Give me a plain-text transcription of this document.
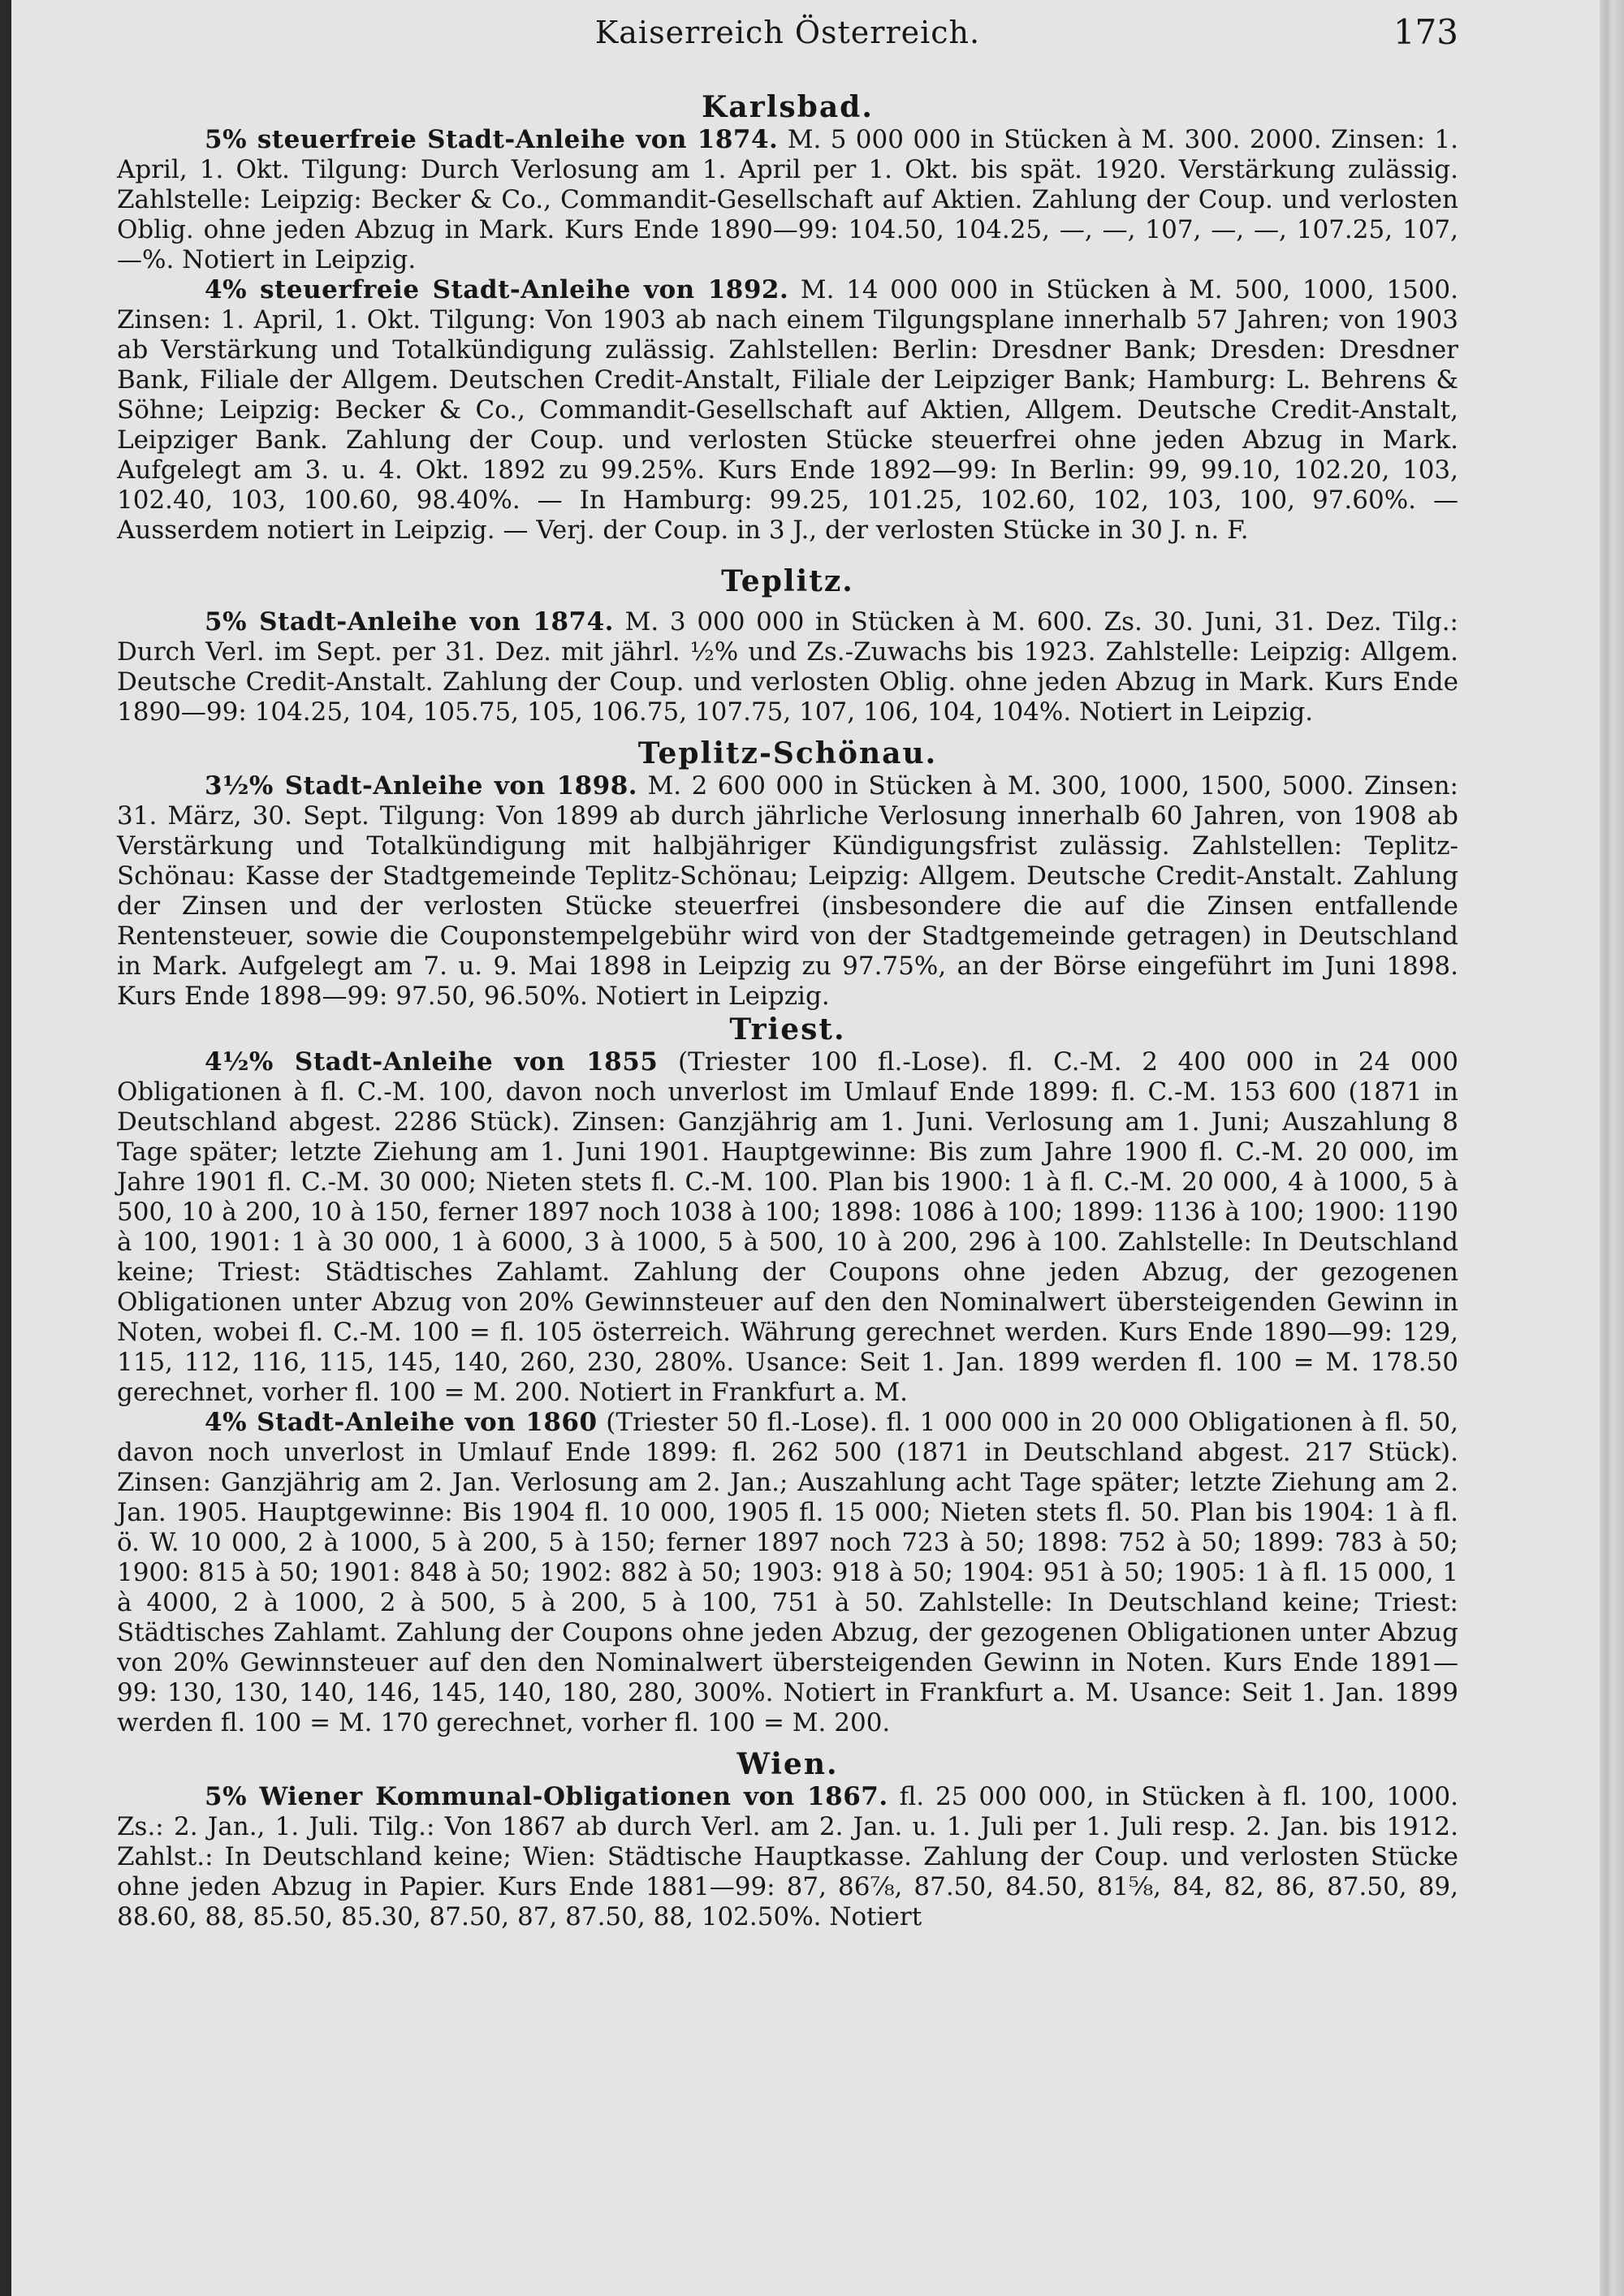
Kaiserreich Österreich.	173
Karlsbad.

5% steuerfreie Stadt-Anleihe von 1874. M. 5 000 000 in Stücken à M. 300. 2000. Zinsen: 1. April, 1. Okt. Tilgung: Durch Verlosung am 1. April per 1. Okt. bis spät. 1920. Verstärkung zulässig. Zahlstelle: Leipzig: Becker & Co., Commandit-Gesellschaft auf Aktien. Zahlung der Coup. und verlosten Oblig. ohne jeden Abzug in Mark. Kurs Ende 1890—99: 104.50, 104.25, —, —, 107, —, —, 107.25, 107, —%. Notiert in Leipzig.

4% steuerfreie Stadt-Anleihe von 1892. M. 14 000 000 in Stücken à M. 500, 1000, 1500. Zinsen: 1. April, 1. Okt. Tilgung: Von 1903 ab nach einem Tilgungsplane innerhalb 57 Jahren; von 1903 ab Verstärkung und Totalkündigung zulässig. Zahlstellen: Berlin: Dresdner Bank; Dresden: Dresdner Bank, Filiale der Allgem. Deutschen Credit-Anstalt, Filiale der Leipziger Bank; Hamburg: L. Behrens & Söhne; Leipzig: Becker & Co., Commandit-Gesellschaft auf Aktien, Allgem. Deutsche Credit-Anstalt, Leipziger Bank. Zahlung der Coup. und verlosten Stücke steuerfrei ohne jeden Abzug in Mark. Aufgelegt am 3. u. 4. Okt. 1892 zu 99.25%. Kurs Ende 1892—99: In Berlin: 99, 99.10, 102.20, 103, 102.40, 103, 100.60, 98.40%. — In Hamburg: 99.25, 101.25, 102.60, 102, 103, 100, 97.60%. — Ausserdem notiert in Leipzig. — Verj. der Coup. in 3 J., der verlosten Stücke in 30 J. n. F.

Teplitz.

5% Stadt-Anleihe von 1874. M. 3 000 000 in Stücken à M. 600. Zs. 30. Juni, 31. Dez. Tilg.: Durch Verl. im Sept. per 31. Dez. mit jährl. ½% und Zs.-Zuwachs bis 1923. Zahlstelle: Leipzig: Allgem. Deutsche Credit-Anstalt. Zahlung der Coup. und verlosten Oblig. ohne jeden Abzug in Mark. Kurs Ende 1890—99: 104.25, 104, 105.75, 105, 106.75, 107.75, 107, 106, 104, 104%. Notiert in Leipzig.

Teplitz-Schönau.

3½% Stadt-Anleihe von 1898. M. 2 600 000 in Stücken à M. 300, 1000, 1500, 5000. Zinsen: 31. März, 30. Sept. Tilgung: Von 1899 ab durch jährliche Verlosung innerhalb 60 Jahren, von 1908 ab Verstärkung und Totalkündigung mit halbjähriger Kündigungsfrist zulässig. Zahlstellen: Teplitz-Schönau: Kasse der Stadtgemeinde Teplitz-Schönau; Leipzig: Allgem. Deutsche Credit-Anstalt. Zahlung der Zinsen und der verlosten Stücke steuerfrei (insbesondere die auf die Zinsen entfallende Rentensteuer, sowie die Couponstempelgebühr wird von der Stadtgemeinde getragen) in Deutschland in Mark. Aufgelegt am 7. u. 9. Mai 1898 in Leipzig zu 97.75%, an der Börse eingeführt im Juni 1898. Kurs Ende 1898—99: 97.50, 96.50%. Notiert in Leipzig.

Triest.

4½% Stadt-Anleihe von 1855 (Triester 100 fl.-Lose). fl. C.-M. 2 400 000 in 24 000 Obligationen à fl. C.-M. 100, davon noch unverlost im Umlauf Ende 1899: fl. C.-M. 153 600 (1871 in Deutschland abgest. 2286 Stück). Zinsen: Ganzjährig am 1. Juni. Verlosung am 1. Juni; Auszahlung 8 Tage später; letzte Ziehung am 1. Juni 1901. Hauptgewinne: Bis zum Jahre 1900 fl. C.-M. 20 000, im Jahre 1901 fl. C.-M. 30 000; Nieten stets fl. C.-M. 100. Plan bis 1900: 1 à fl. C.-M. 20 000, 4 à 1000, 5 à 500, 10 à 200, 10 à 150, ferner 1897 noch 1038 à 100; 1898: 1086 à 100; 1899: 1136 à 100; 1900: 1190 à 100, 1901: 1 à 30 000, 1 à 6000, 3 à 1000, 5 à 500, 10 à 200, 296 à 100. Zahlstelle: In Deutschland keine; Triest: Städtisches Zahlamt. Zahlung der Coupons ohne jeden Abzug, der gezogenen Obligationen unter Abzug von 20% Gewinnsteuer auf den den Nominalwert übersteigenden Gewinn in Noten, wobei fl. C.-M. 100 = fl. 105 österreich. Währung gerechnet werden. Kurs Ende 1890—99: 129, 115, 112, 116, 115, 145, 140, 260, 230, 280%. Usance: Seit 1. Jan. 1899 werden fl. 100 = M. 178.50 gerechnet, vorher fl. 100 = M. 200. Notiert in Frankfurt a. M.

4% Stadt-Anleihe von 1860 (Triester 50 fl.-Lose). fl. 1 000 000 in 20 000 Obligationen à fl. 50, davon noch unverlost in Umlauf Ende 1899: fl. 262 500 (1871 in Deutschland abgest. 217 Stück). Zinsen: Ganzjährig am 2. Jan. Verlosung am 2. Jan.; Auszahlung acht Tage später; letzte Ziehung am 2. Jan. 1905. Hauptgewinne: Bis 1904 fl. 10 000, 1905 fl. 15 000; Nieten stets fl. 50. Plan bis 1904: 1 à fl. ö. W. 10 000, 2 à 1000, 5 à 200, 5 à 150; ferner 1897 noch 723 à 50; 1898: 752 à 50; 1899: 783 à 50; 1900: 815 à 50; 1901: 848 à 50; 1902: 882 à 50; 1903: 918 à 50; 1904: 951 à 50; 1905: 1 à fl. 15 000, 1 à 4000, 2 à 1000, 2 à 500, 5 à 200, 5 à 100, 751 à 50. Zahlstelle: In Deutschland keine; Triest: Städtisches Zahlamt. Zahlung der Coupons ohne jeden Abzug, der gezogenen Obligationen unter Abzug von 20% Gewinnsteuer auf den den Nominalwert übersteigenden Gewinn in Noten. Kurs Ende 1891—99: 130, 130, 140, 146, 145, 140, 180, 280, 300%. Notiert in Frankfurt a. M. Usance: Seit 1. Jan. 1899 werden fl. 100 = M. 170 gerechnet, vorher fl. 100 = M. 200.

Wien.

5% Wiener Kommunal-Obligationen von 1867. fl. 25 000 000, in Stücken à fl. 100, 1000. Zs.: 2. Jan., 1. Juli. Tilg.: Von 1867 ab durch Verl. am 2. Jan. u. 1. Juli per 1. Juli resp. 2. Jan. bis 1912. Zahlst.: In Deutschland keine; Wien: Städtische Hauptkasse. Zahlung der Coup. und verlosten Stücke ohne jeden Abzug in Papier. Kurs Ende 1881—99: 87, 86⅞, 87.50, 84.50, 81⅝, 84, 82, 86, 87.50, 89, 88.60, 88, 85.50, 85.30, 87.50, 87, 87.50, 88, 102.50%. Notiert
